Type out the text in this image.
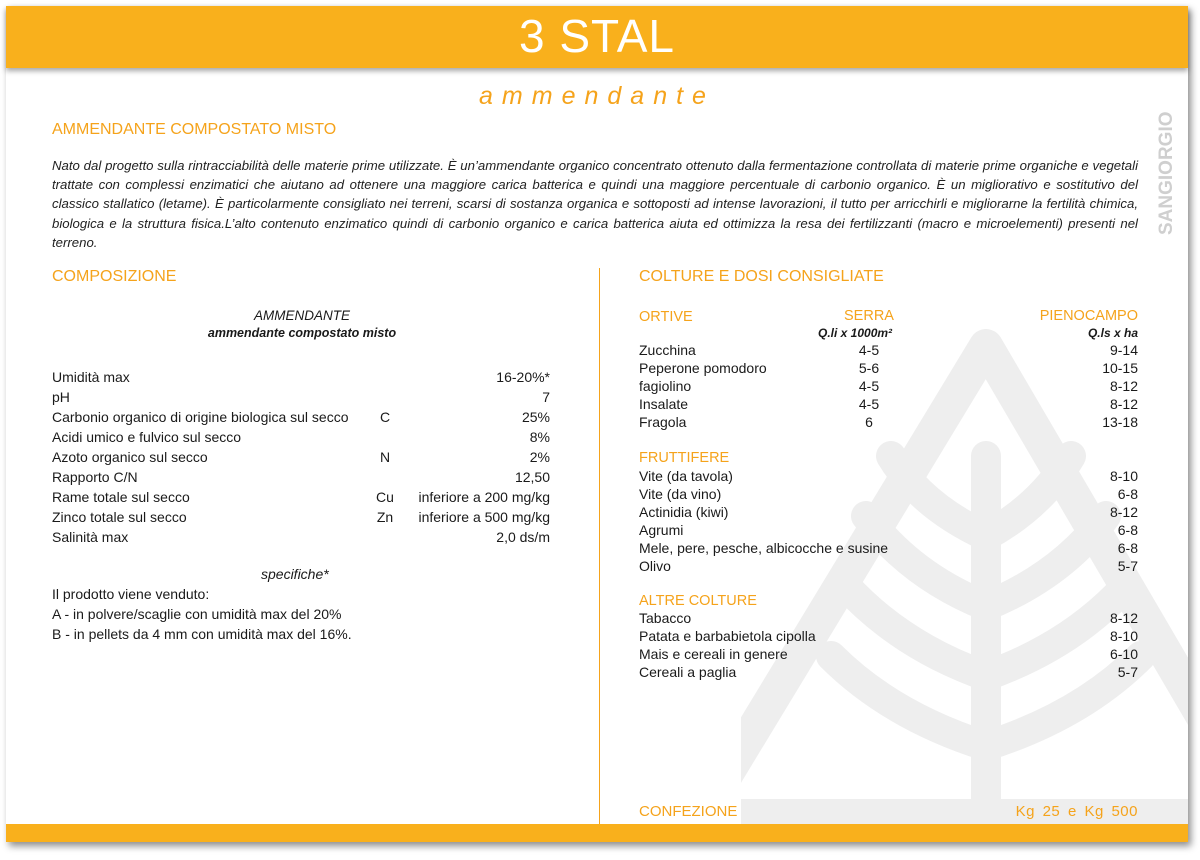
3 STAL
ammendante
SANGIORGIO
AMMENDANTE COMPOSTATO MISTO
Nato dal progetto sulla rintracciabilità delle materie prime utilizzate. È un’ammendante organico concentrato ottenuto dalla fermentazione controllata di materie prime organiche e vegetali trattate con complessi enzimatici che aiutano ad ottenere una maggiore carica batterica e quindi una maggiore percentuale di carbonio organico. È un migliorativo e sostitutivo del classico stallatico (letame). È particolarmente consigliato nei terreni, scarsi di sostanza organica e sottoposti ad intense lavorazioni, il tutto per arricchirli e migliorarne la fertilità chimica, biologica e la struttura fisica.L’alto contenuto enzimatico quindi di carbonio organico e carica batterica aiuta ed ottimizza la resa dei fertilizzanti (macro e microelementi) presenti nel terreno.
COMPOSIZIONE
AMMENDANTE
ammendante compostato misto
Umidità max	16-20%*
pH	7
Carbonio organico di origine biologica sul secco	C	25%
Acidi umico e fulvico sul secco	8%
Azoto organico sul secco	N	2%
Rapporto C/N	12,50
Rame totale sul secco	Cu	inferiore a 200 mg/kg
Zinco totale sul secco	Zn	inferiore a 500 mg/kg
Salinità max	2,0 ds/m
specifiche*
Il prodotto viene venduto:
A - in polvere/scaglie con umidità max del 20%
B - in pellets da 4 mm con umidità max del 16%.
COLTURE E DOSI CONSIGLIATE
ORTIVE	SERRA	PIENOCAMPO
Q.li x 1000m²	Q.ls x ha
Zucchina	4-5	9-14
Peperone pomodoro	5-6	10-15
fagiolino	4-5	8-12
Insalate	4-5	8-12
Fragola	6	13-18
FRUTTIFERE
Vite (da tavola)	8-10
Vite (da vino)	6-8
Actinidia (kiwi)	8-12
Agrumi	6-8
Mele, pere, pesche, albicocche e susine	6-8
Olivo	5-7
ALTRE COLTURE
Tabacco	8-12
Patata e barbabietola cipolla	8-10
Mais e cereali in genere	6-10
Cereali a paglia	5-7
CONFEZIONE	Kg 25 e Kg 500
